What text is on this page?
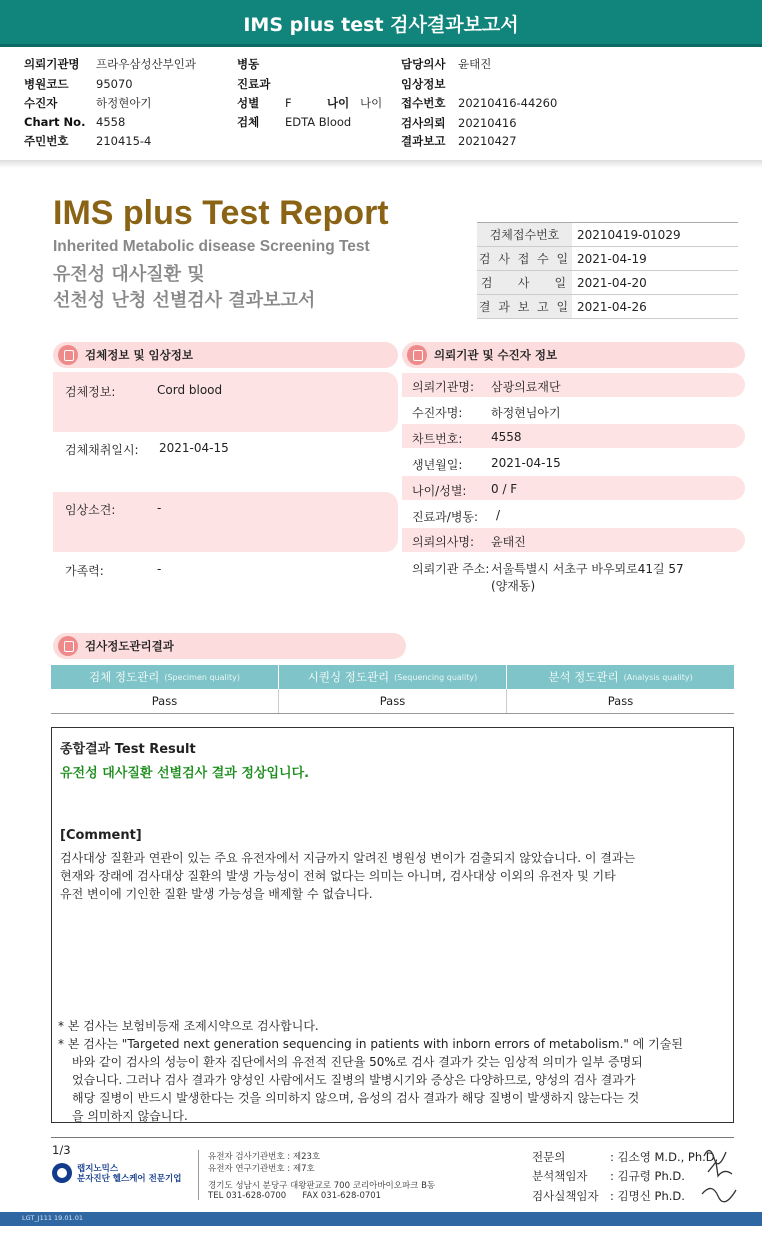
IMS plus test 검사결과보고서
의뢰기관명 프라우삼성산부인과
병원코드 95070
수진자	하정현아기
Chart No. 4558
주민번호 210415-4
병동
진료과
성별 F	나이 나이
검체 EDTA Blood
담당의사 윤태진
임상정보
접수번호 20210416-44260
검사의뢰 20210416
결과보고 20210427
IMS plus Test Report
Inherited Metabolic disease Screening Test
유전성 대사질환 및
선천성 난청 선별검사 결과보고서
검체접수번호	20210419-01029
검 사 접 수 일 2021-04-19
검    사    일 2021-04-20
결 과 보 고 일 2021-04-26
검체정보 및 임상정보
검체정보:	Cord blood
검체채취일시: 2021-04-15
임상소견:	-
가족력:	-
의뢰기관 및 수진자 정보
의뢰기관명: 삼광의료재단
수진자명: 하정현님아기
차트번호: 4558
생년월일: 2021-04-15
나이/성별: 0 / F
진료과/병동: /
의뢰의사명: 윤태진
의뢰기관 주소: 서울특별시 서초구 바우뫼로41길 57
(양재동)
검사정도관리결과
검체 정도관리 (Specimen quality)	시퀀싱 정도관리 (Sequencing quality)	분석 정도관리 (Analysis quality)
Pass	Pass	Pass
종합결과 Test Result
유전성 대사질환 선별검사 결과 정상입니다.
[Comment]
검사대상 질환과 연관이 있는 주요 유전자에서 지금까지 알려진 병원성 변이가 검출되지 않았습니다. 이 결과는
현재와 장래에 검사대상 질환의 발생 가능성이 전혀 없다는 의미는 아니며, 검사대상 이외의 유전자 및 기타
유전 변이에 기인한 질환 발생 가능성을 배제할 수 없습니다.
* 본 검사는 보험비등재 조제시약으로 검사합니다.
* 본 검사는 "Targeted next generation sequencing in patients with inborn errors of metabolism." 에 기술된
바와 같이 검사의 성능이 환자 집단에서의 유전적 진단율 50%로 검사 결과가 갖는 임상적 의미가 일부 증명되
었습니다. 그러나 검사 결과가 양성인 사람에서도 질병의 발병시기와 증상은 다양하므로, 양성의 검사 결과가
해당 질병이 반드시 발생한다는 것을 의미하지 않으며, 음성의 검사 결과가 해당 질병이 발생하지 않는다는 것
을 의미하지 않습니다.
1/3
랩지노믹스
분자진단 헬스케어 전문기업
유전자 검사기관번호 : 제23호
유전자 연구기관번호 : 제7호
경기도 성남시 분당구 대왕판교로 700 코리아바이오파크 B동
TEL 031-628-0700      FAX 031-628-0701
전문의	: 김소영 M.D., Ph.D.
분석책임자 : 김규령 Ph.D.
검사실책임자 : 김명신 Ph.D.
LGT_J111 19.01.01
